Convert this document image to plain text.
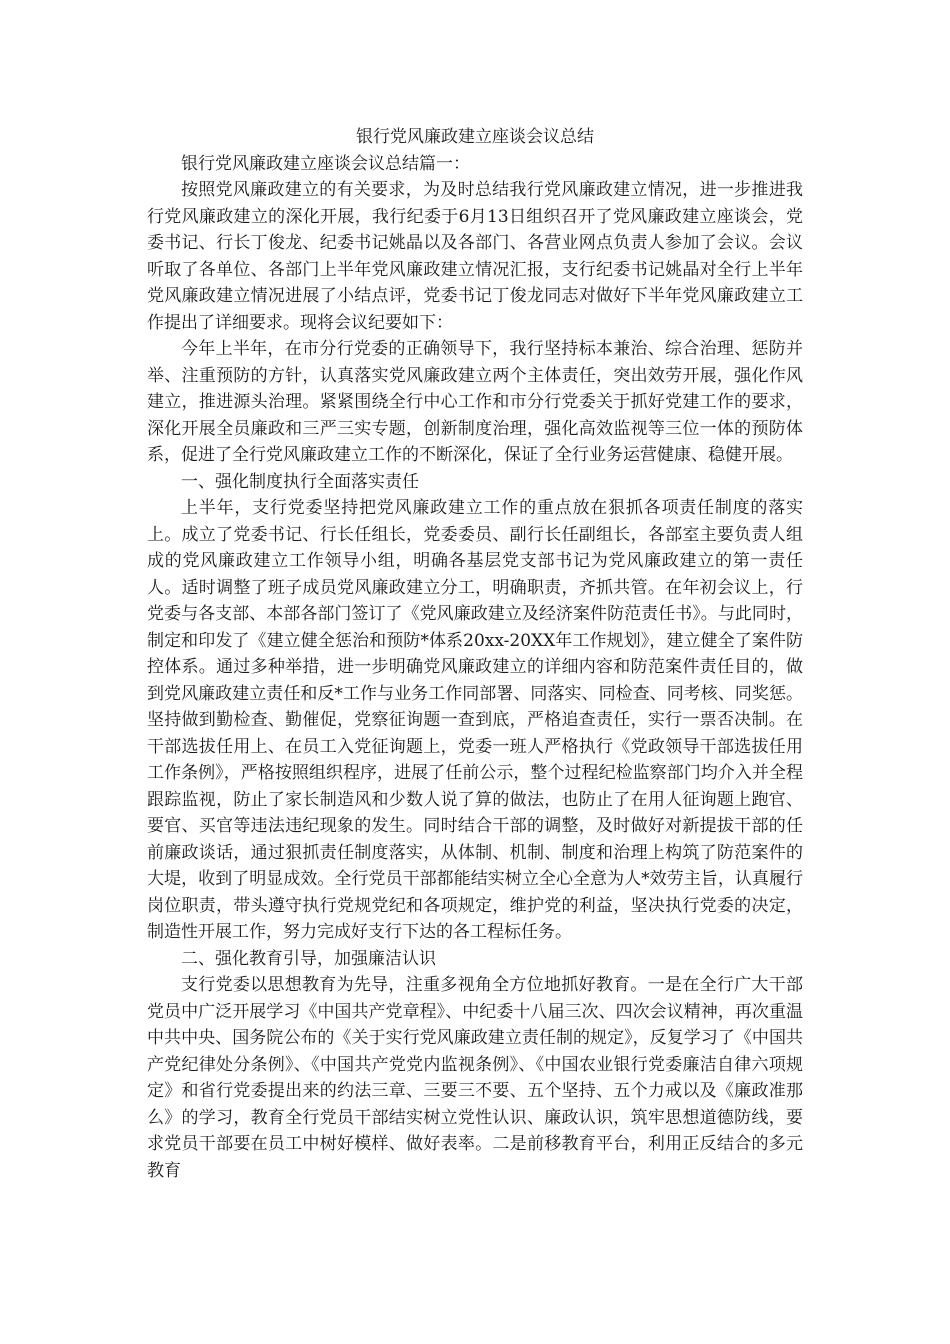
银行党风廉政建立座谈会议总结

银行党风廉政建立座谈会议总结篇一：

按照党风廉政建立的有关要求，为及时总结我行党风廉政建立情况，进一步推进我行党风廉政建立的深化开展，我行纪委于6月13日组织召开了党风廉政建立座谈会，党委书记、行长丁俊龙、纪委书记姚晶以及各部门、各营业网点负责人参加了会议。会议听取了各单位、各部门上半年党风廉政建立情况汇报，支行纪委书记姚晶对全行上半年党风廉政建立情况进展了小结点评，党委书记丁俊龙同志对做好下半年党风廉政建立工作提出了详细要求。现将会议纪要如下：

今年上半年，在市分行党委的正确领导下，我行坚持标本兼治、综合治理、惩防并举、注重预防的方针，认真落实党风廉政建立两个主体责任，突出效劳开展，强化作风建立，推进源头治理。紧紧围绕全行中心工作和市分行党委关于抓好党建工作的要求，深化开展全员廉政和三严三实专题，创新制度治理，强化高效监视等三位一体的预防体系，促进了全行党风廉政建立工作的不断深化，保证了全行业务运营健康、稳健开展。

一、强化制度执行全面落实责任

上半年，支行党委坚持把党风廉政建立工作的重点放在狠抓各项责任制度的落实上。成立了党委书记、行长任组长，党委委员、副行长任副组长，各部室主要负责人组成的党风廉政建立工作领导小组，明确各基层党支部书记为党风廉政建立的第一责任人。适时调整了班子成员党风廉政建立分工，明确职责，齐抓共管。在年初会议上，行党委与各支部、本部各部门签订了《党风廉政建立及经济案件防范责任书》。与此同时，制定和印发了《建立健全惩治和预防*体系20xx-20XX年工作规划》，建立健全了案件防控体系。通过多种举措，进一步明确党风廉政建立的详细内容和防范案件责任目的，做到党风廉政建立责任和反*工作与业务工作同部署、同落实、同检查、同考核、同奖惩。坚持做到勤检查、勤催促，党察征询题一查到底，严格追查责任，实行一票否决制。在干部选拔任用上、在员工入党征询题上，党委一班人严格执行《党政领导干部选拔任用工作条例》，严格按照组织程序，进展了任前公示，整个过程纪检监察部门均介入并全程跟踪监视，防止了家长制造风和少数人说了算的做法，也防止了在用人征询题上跑官、要官、买官等违法违纪现象的发生。同时结合干部的调整，及时做好对新提拔干部的任前廉政谈话，通过狠抓责任制度落实，从体制、机制、制度和治理上构筑了防范案件的大堤，收到了明显成效。全行党员干部都能结实树立全心全意为人*效劳主旨，认真履行岗位职责，带头遵守执行党规党纪和各项规定，维护党的利益，坚决执行党委的决定，制造性开展工作，努力完成好支行下达的各工程标任务。

二、强化教育引导，加强廉洁认识

支行党委以思想教育为先导，注重多视角全方位地抓好教育。一是在全行广大干部党员中广泛开展学习《中国共产党章程》、中纪委十八届三次、四次会议精神，再次重温中共中央、国务院公布的《关于实行党风廉政建立责任制的规定》，反复学习了《中国共产党纪律处分条例》、《中国共产党党内监视条例》、《中国农业银行党委廉洁自律六项规定》和省行党委提出来的约法三章、三要三不要、五个坚持、五个力戒以及《廉政准那么》的学习，教育全行党员干部结实树立党性认识、廉政认识，筑牢思想道德防线，要求党员干部要在员工中树好模样、做好表率。二是前移教育平台，利用正反结合的多元教育
